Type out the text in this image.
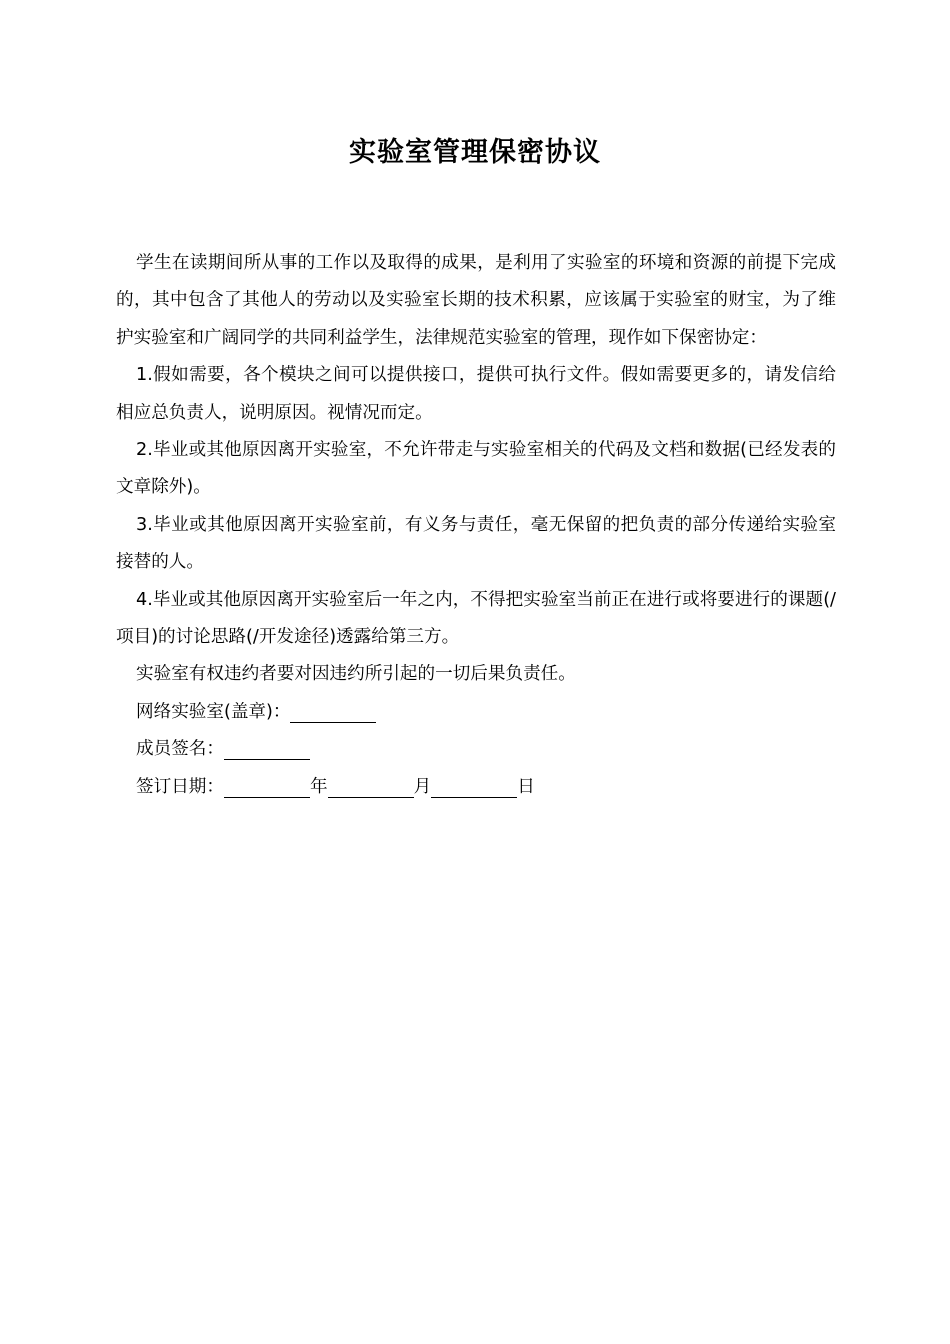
实验室管理保密协议

学生在读期间所从事的工作以及取得的成果，是利用了实验室的环境和资源的前提下完成的，其中包含了其他人的劳动以及实验室长期的技术积累，应该属于实验室的财宝，为了维护实验室和广阔同学的共同利益学生，法律规范实验室的管理，现作如下保密协定：

1.假如需要，各个模块之间可以提供接口，提供可执行文件。假如需要更多的，请发信给相应总负责人，说明原因。视情况而定。

2.毕业或其他原因离开实验室，不允许带走与实验室相关的代码及文档和数据(已经发表的文章除外)。

3.毕业或其他原因离开实验室前，有义务与责任，毫无保留的把负责的部分传递给实验室接替的人。

4.毕业或其他原因离开实验室后一年之内，不得把实验室当前正在进行或将要进行的课题(/项目)的讨论思路(/开发途径)透露给第三方。

实验室有权违约者要对因违约所引起的一切后果负责任。

网络实验室(盖章)：
成员签名：
签订日期：	年	月	日
